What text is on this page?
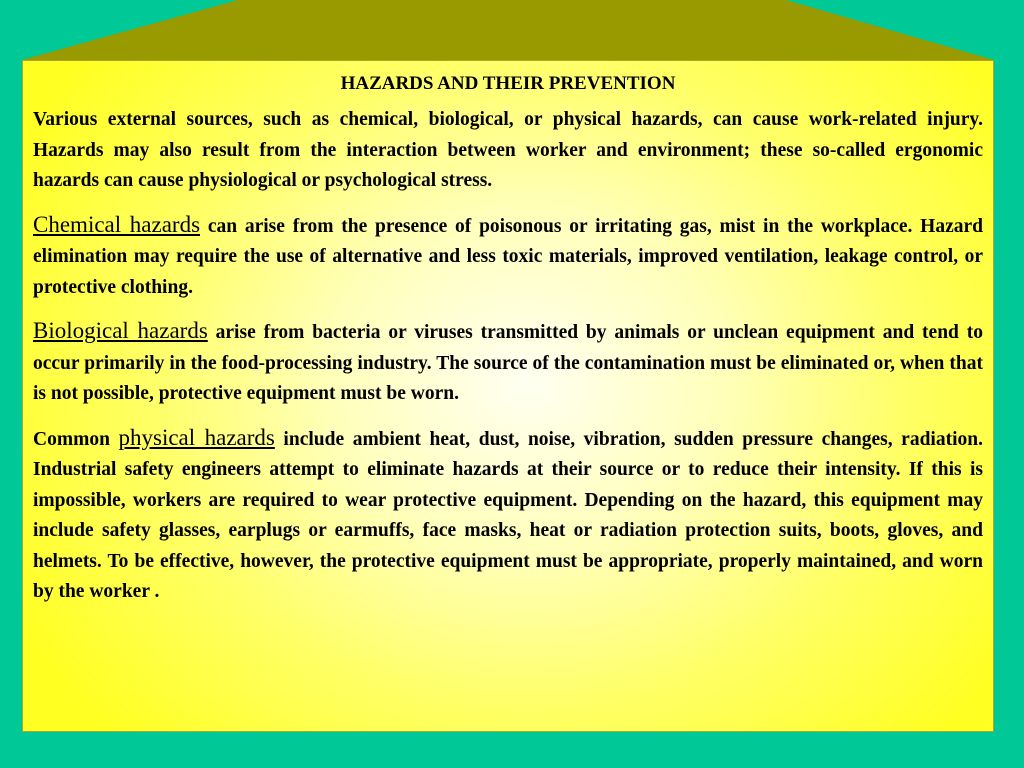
HAZARDS AND THEIR PREVENTION

Various external sources, such as chemical, biological, or physical hazards, can cause work-related injury. Hazards may also result from the interaction between worker and environment; these so-called ergonomic hazards can cause physiological or psychological stress.

Chemical hazards can arise from the presence of poisonous or irritating gas, mist in the workplace. Hazard elimination may require the use of alternative and less toxic materials, improved ventilation, leakage control, or protective clothing.

Biological hazards arise from bacteria or viruses transmitted by animals or unclean equipment and tend to occur primarily in the food-processing industry. The source of the contamination must be eliminated or, when that is not possible, protective equipment must be worn.

Common physical hazards include ambient heat, dust, noise, vibration, sudden pressure changes, radiation. Industrial safety engineers attempt to eliminate hazards at their source or to reduce their intensity. If this is impossible, workers are required to wear protective equipment. Depending on the hazard, this equipment may include safety glasses, earplugs or earmuffs, face masks, heat or radiation protection suits, boots, gloves, and helmets. To be effective, however, the protective equipment must be appropriate, properly maintained, and worn by the worker .
